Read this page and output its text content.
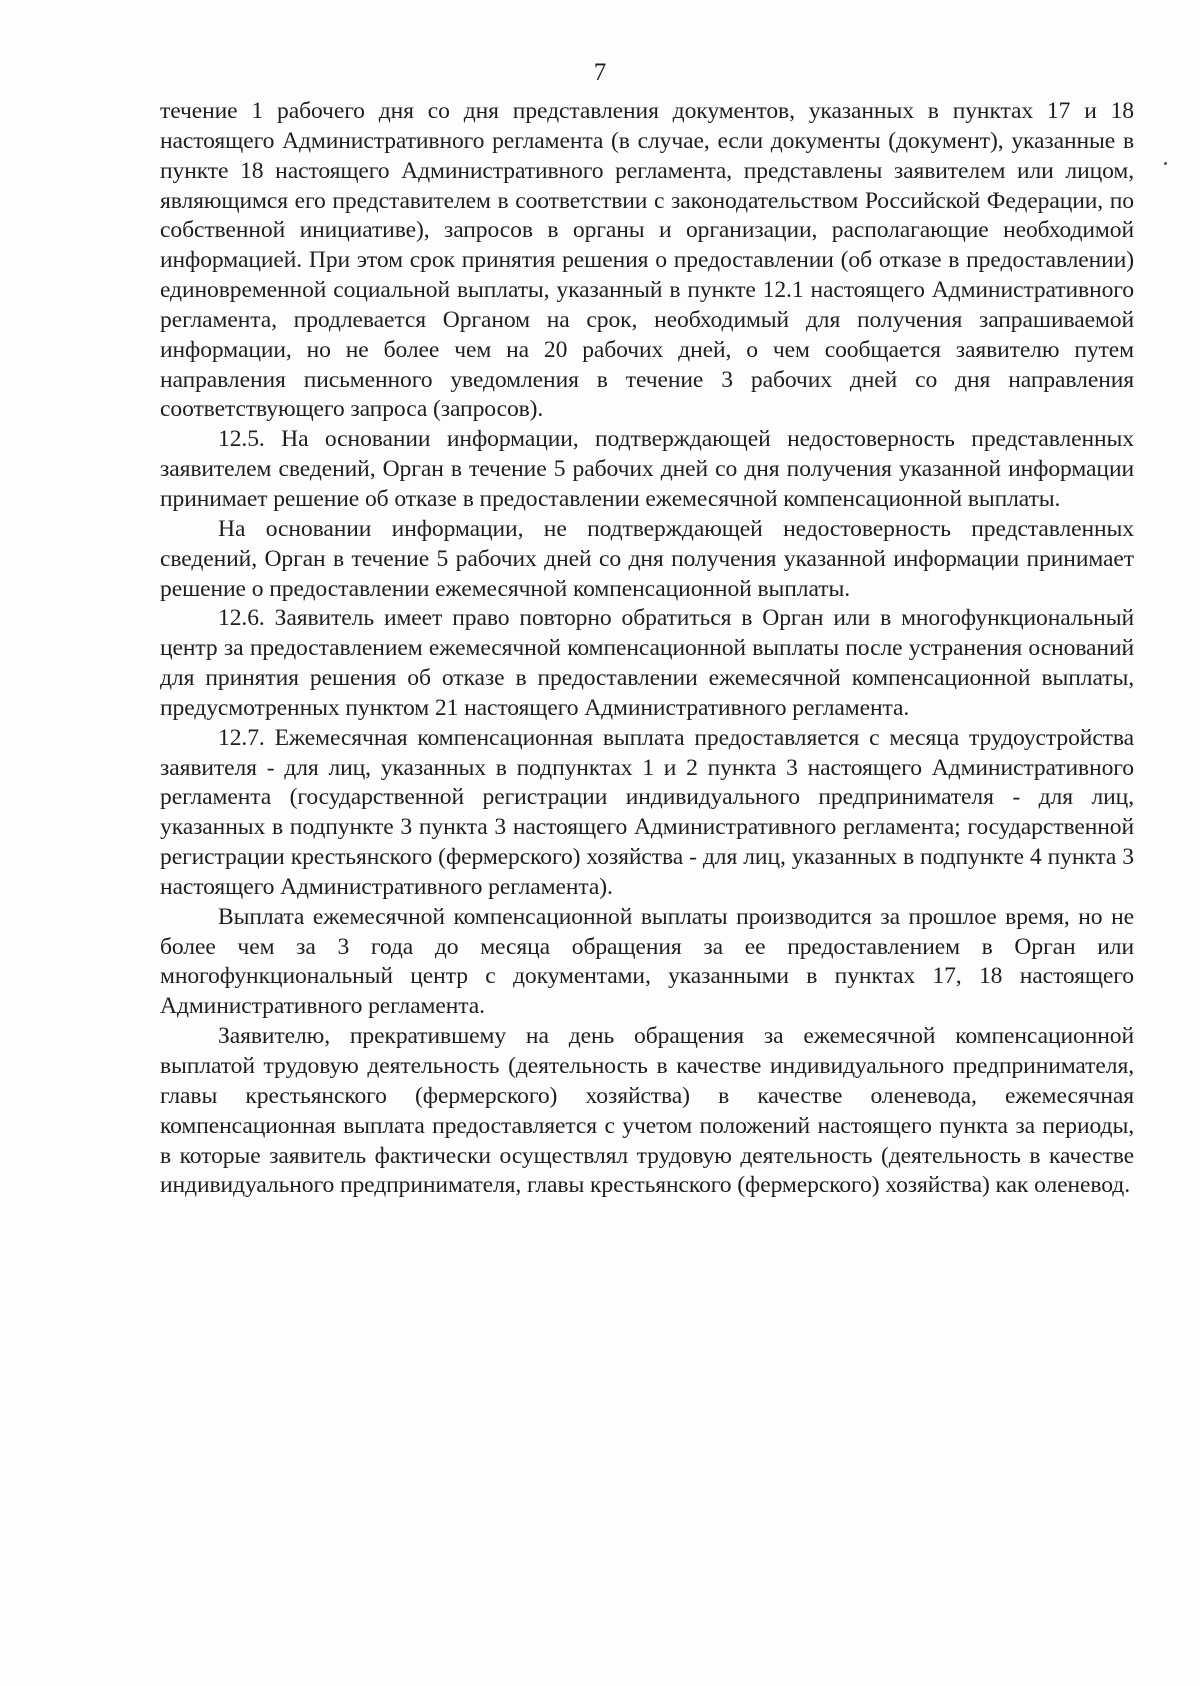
7

течение 1 рабочего дня со дня представления документов, указанных в пунктах 17 и 18 настоящего Административного регламента (в случае, если документы (документ), указанные в пункте 18 настоящего Административного регламента, представлены заявителем или лицом, являющимся его представителем в соответствии с законодательством Российской Федерации, по собственной инициативе), запросов в органы и организации, располагающие необходимой информацией. При этом срок принятия решения о предоставлении (об отказе в предоставлении) единовременной социальной выплаты, указанный в пункте 12.1 настоящего Административного регламента, продлевается Органом на срок, необходимый для получения запрашиваемой информации, но не более чем на 20 рабочих дней, о чем сообщается заявителю путем направления письменного уведомления в течение 3 рабочих дней со дня направления соответствующего запроса (запросов).

12.5. На основании информации, подтверждающей недостоверность представленных заявителем сведений, Орган в течение 5 рабочих дней со дня получения указанной информации принимает решение об отказе в предоставлении ежемесячной компенсационной выплаты.

На основании информации, не подтверждающей недостоверность представленных сведений, Орган в течение 5 рабочих дней со дня получения указанной информации принимает решение о предоставлении ежемесячной компенсационной выплаты.

12.6. Заявитель имеет право повторно обратиться в Орган или в многофункциональный центр за предоставлением ежемесячной компенсационной выплаты после устранения оснований для принятия решения об отказе в предоставлении ежемесячной компенсационной выплаты, предусмотренных пунктом 21 настоящего Административного регламента.

12.7. Ежемесячная компенсационная выплата предоставляется с месяца трудоустройства заявителя - для лиц, указанных в подпунктах 1 и 2 пункта 3 настоящего Административного регламента (государственной регистрации индивидуального предпринимателя - для лиц, указанных в подпункте 3 пункта 3 настоящего Административного регламента; государственной регистрации крестьянского (фермерского) хозяйства - для лиц, указанных в подпункте 4 пункта 3 настоящего Административного регламента).

Выплата ежемесячной компенсационной выплаты производится за прошлое время, но не более чем за 3 года до месяца обращения за ее предоставлением в Орган или многофункциональный центр с документами, указанными в пунктах 17, 18 настоящего Административного регламента.

Заявителю, прекратившему на день обращения за ежемесячной компенсационной выплатой трудовую деятельность (деятельность в качестве индивидуального предпринимателя, главы крестьянского (фермерского) хозяйства) в качестве оленевода, ежемесячная компенсационная выплата предоставляется с учетом положений настоящего пункта за периоды, в которые заявитель фактически осуществлял трудовую деятельность (деятельность в качестве индивидуального предпринимателя, главы крестьянского (фермерского) хозяйства) как оленевод.
